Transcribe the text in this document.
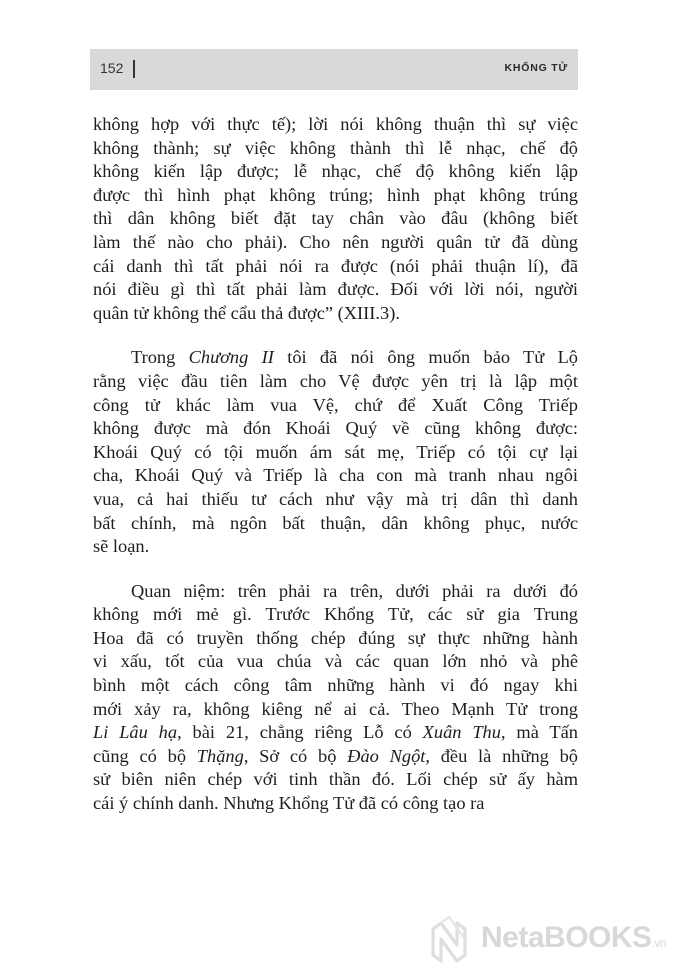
152	KHỔNG TỬ
không hợp với thực tế); lời nói không thuận thì sự việc
không thành; sự việc không thành thì lễ nhạc, chế độ
không kiến lập được; lễ nhạc, chế độ không kiến lập
được thì hình phạt không trúng; hình phạt không trúng
thì dân không biết đặt tay chân vào đâu (không biết
làm thế nào cho phải). Cho nên người quân tử đã dùng
cái danh thì tất phải nói ra được (nói phải thuận lí), đã
nói điều gì thì tất phải làm được. Đối với lời nói, người
quân tử không thể cẩu thả được” (XIII.3).
Trong Chương II tôi đã nói ông muốn bảo Tử Lộ
rằng việc đầu tiên làm cho Vệ được yên trị là lập một
công tử khác làm vua Vệ, chứ để Xuất Công Triếp
không được mà đón Khoái Quý về cũng không được:
Khoái Quý có tội muốn ám sát mẹ, Triếp có tội cự lại
cha, Khoái Quý và Triếp là cha con mà tranh nhau ngôi
vua, cả hai thiếu tư cách như vậy mà trị dân thì danh
bất chính, mà ngôn bất thuận, dân không phục, nước
sẽ loạn.
Quan niệm: trên phải ra trên, dưới phải ra dưới đó
không mới mẻ gì. Trước Khổng Tử, các sử gia Trung
Hoa đã có truyền thống chép đúng sự thực những hành
vi xấu, tốt của vua chúa và các quan lớn nhỏ và phê
bình một cách công tâm những hành vi đó ngay khi
mới xảy ra, không kiêng nể ai cả. Theo Mạnh Tử trong
Li Lâu hạ, bài 21, chẳng riêng Lỗ có Xuân Thu, mà Tấn
cũng có bộ Thặng, Sở có bộ Đào Ngột, đều là những bộ
sử biên niên chép với tinh thần đó. Lối chép sử ấy hàm
cái ý chính danh. Nhưng Khổng Tử đã có công tạo ra
NetaBOOKS.vn
